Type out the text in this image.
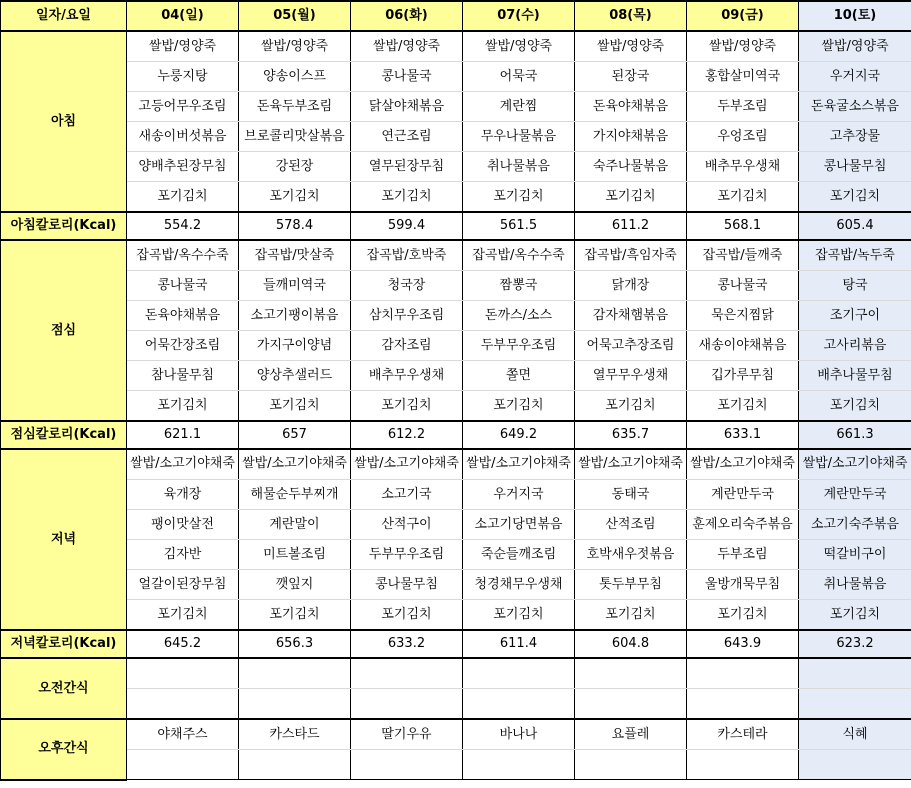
일자/요일	04(일)	05(월)	06(화)	07(수)	08(목)	09(금)	10(토)
아침	쌀밥/영양죽	쌀밥/영양죽	쌀밥/영양죽	쌀밥/영양죽	쌀밥/영양죽	쌀밥/영양죽	쌀밥/영양죽
	누룽지탕	양송이스프	콩나물국	어묵국	된장국	홍합살미역국	우거지국
	고등어무우조림	돈육두부조림	닭살야채볶음	계란찜	돈육야채볶음	두부조림	돈육굴소스볶음
	새송이버섯볶음	브로콜리맛살볶음	연근조림	무우나물볶음	가지야채볶음	우엉조림	고추장물
	양배추된장무침	강된장	열무된장무침	취나물볶음	숙주나물볶음	배추무우생채	콩나물무침
	포기김치	포기김치	포기김치	포기김치	포기김치	포기김치	포기김치
아침칼로리(Kcal)	554.2	578.4	599.4	561.5	611.2	568.1	605.4
점심	잡곡밥/옥수수죽	잡곡밥/맛살죽	잡곡밥/호박죽	잡곡밥/옥수수죽	잡곡밥/흑임자죽	잡곡밥/들깨죽	잡곡밥/녹두죽
	콩나물국	들깨미역국	청국장	짬뽕국	닭개장	콩나물국	탕국
	돈육야채볶음	소고기팽이볶음	삼치무우조림	돈까스/소스	감자채햄볶음	묵은지찜닭	조기구이
	어묵간장조림	가지구이양념	감자조림	두부무우조림	어묵고추장조림	새송이야채볶음	고사리볶음
	참나물무침	양상추샐러드	배추무우생채	쫄면	열무무우생채	깁가루무침	배추나물무침
	포기김치	포기김치	포기김치	포기김치	포기김치	포기김치	포기김치
점심칼로리(Kcal)	621.1	657	612.2	649.2	635.7	633.1	661.3
저녁	쌀밥/소고기야채죽	쌀밥/소고기야채죽	쌀밥/소고기야채죽	쌀밥/소고기야채죽	쌀밥/소고기야채죽	쌀밥/소고기야채죽	쌀밥/소고기야채죽

	육개장	해물순두부찌개	소고기국	우거지국	동태국	계란만두국	계란만두국
	팽이맛살전	계란말이	산적구이	소고기당면볶음	산적조림	훈제오리숙주볶음	소고기숙주볶음
	김자반	미트볼조림	두부무우조림	죽순들깨조림	호박새우젓볶음	두부조림	떡갈비구이
	얼갈이된장무침	깻잎지	콩나물무침	청경채무우생채	톳두부무침	울방개묵무침	취나물볶음
	포기김치	포기김치	포기김치	포기김치	포기김치	포기김치	포기김치
저녁칼로리(Kcal)	645.2	656.3	633.2	611.4	604.8	643.9	623.2
오전간식							

오후간식	야채주스	카스타드	딸기우유	바나나	요플레	카스테라	식혜
